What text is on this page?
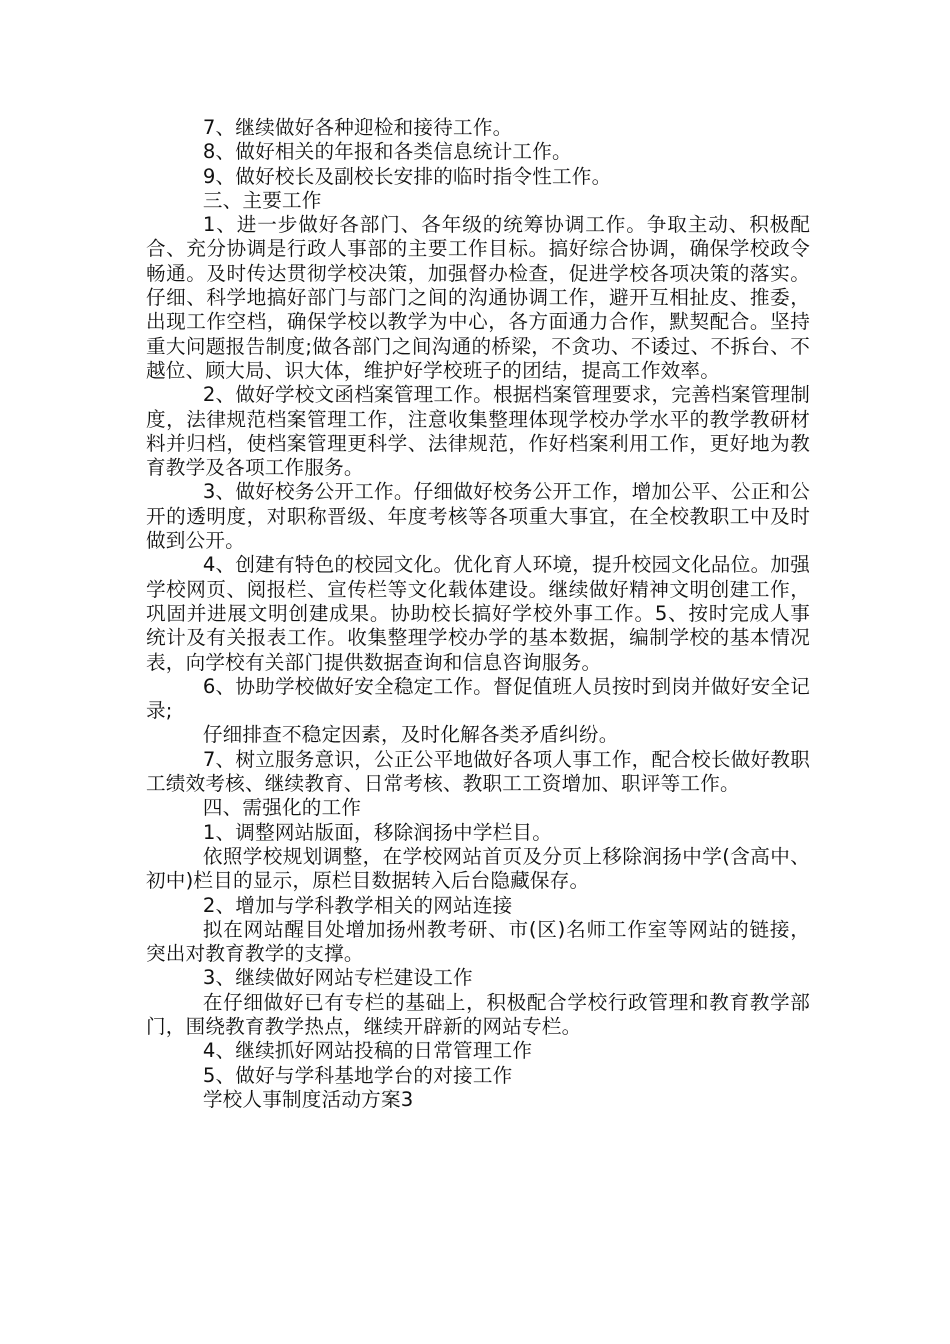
7、继续做好各种迎检和接待工作。

8、做好相关的年报和各类信息统计工作。

9、做好校长及副校长安排的临时指令性工作。

三、主要工作

1、进一步做好各部门、各年级的统筹协调工作。争取主动、积极配合、充分协调是行政人事部的主要工作目标。搞好综合协调，确保学校政令畅通。及时传达贯彻学校决策，加强督办检查，促进学校各项决策的落实。仔细、科学地搞好部门与部门之间的沟通协调工作，避开互相扯皮、推委，出现工作空档，确保学校以教学为中心，各方面通力合作，默契配合。坚持重大问题报告制度;做各部门之间沟通的桥梁，不贪功、不诿过、不拆台、不越位、顾大局、识大体，维护好学校班子的团结，提高工作效率。

2、做好学校文函档案管理工作。根据档案管理要求，完善档案管理制度，法律规范档案管理工作，注意收集整理体现学校办学水平的教学教研材料并归档，使档案管理更科学、法律规范，作好档案利用工作，更好地为教育教学及各项工作服务。

3、做好校务公开工作。仔细做好校务公开工作，增加公平、公正和公开的透明度，对职称晋级、年度考核等各项重大事宜，在全校教职工中及时做到公开。

4、创建有特色的校园文化。优化育人环境，提升校园文化品位。加强学校网页、阅报栏、宣传栏等文化载体建设。继续做好精神文明创建工作，巩固并进展文明创建成果。协助校长搞好学校外事工作。5、按时完成人事统计及有关报表工作。收集整理学校办学的基本数据，编制学校的基本情况表，向学校有关部门提供数据查询和信息咨询服务。

6、协助学校做好安全稳定工作。督促值班人员按时到岗并做好安全记录;

仔细排查不稳定因素，及时化解各类矛盾纠纷。

7、树立服务意识，公正公平地做好各项人事工作，配合校长做好教职工绩效考核、继续教育、日常考核、教职工工资增加、职评等工作。

四、需强化的工作

1、调整网站版面，移除润扬中学栏目。

依照学校规划调整，在学校网站首页及分页上移除润扬中学(含高中、初中)栏目的显示，原栏目数据转入后台隐藏保存。

2、增加与学科教学相关的网站连接

拟在网站醒目处增加扬州教考研、市(区)名师工作室等网站的链接，突出对教育教学的支撑。

3、继续做好网站专栏建设工作

在仔细做好已有专栏的基础上，积极配合学校行政管理和教育教学部门，围绕教育教学热点，继续开辟新的网站专栏。

4、继续抓好网站投稿的日常管理工作

5、做好与学科基地学台的对接工作

学校人事制度活动方案3
